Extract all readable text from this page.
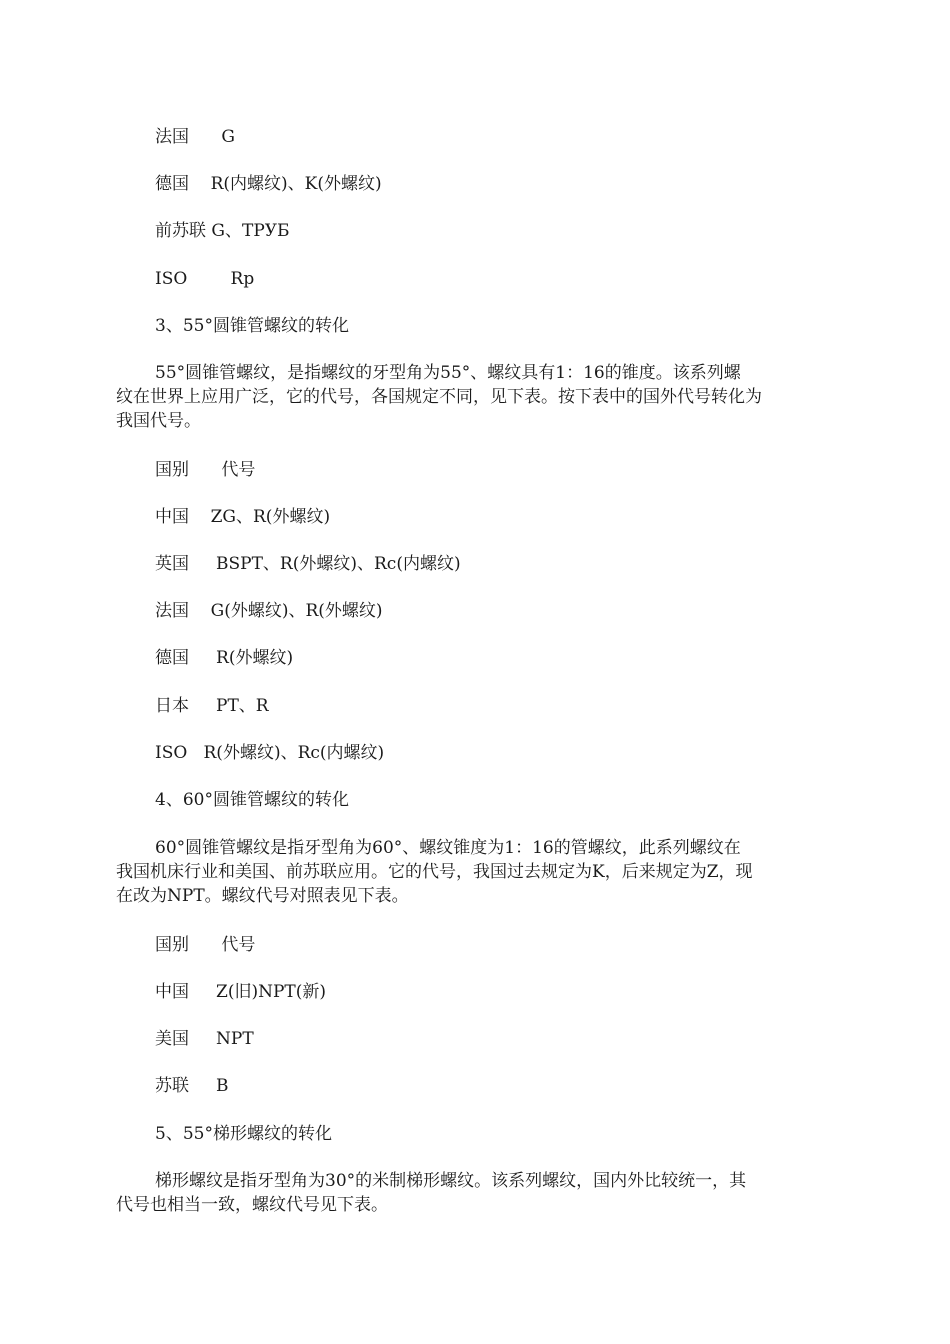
法国      G

德国    R(内螺纹)、K(外螺纹)

前苏联 G、TPУБ

ISO        Rp

3、55°圆锥管螺纹的转化

55°圆锥管螺纹，是指螺纹的牙型角为55°、螺纹具有1：16的锥度。该系列螺
纹在世界上应用广泛，它的代号，各国规定不同，见下表。按下表中的国外代号转化为
我国代号。

国别      代号

中国    ZG、R(外螺纹)

英国     BSPT、R(外螺纹)、Rc(内螺纹)

法国    G(外螺纹)、R(外螺纹)

德国     R(外螺纹)

日本     PT、R

ISO   R(外螺纹)、Rc(内螺纹)

4、60°圆锥管螺纹的转化

60°圆锥管螺纹是指牙型角为60°、螺纹锥度为1：16的管螺纹，此系列螺纹在
我国机床行业和美国、前苏联应用。它的代号，我国过去规定为K，后来规定为Z，现
在改为NPT。螺纹代号对照表见下表。

国别      代号

中国     Z(旧)NPT(新)

美国     NPT

苏联     B

5、55°梯形螺纹的转化

梯形螺纹是指牙型角为30°的米制梯形螺纹。该系列螺纹，国内外比较统一，其
代号也相当一致，螺纹代号见下表。
